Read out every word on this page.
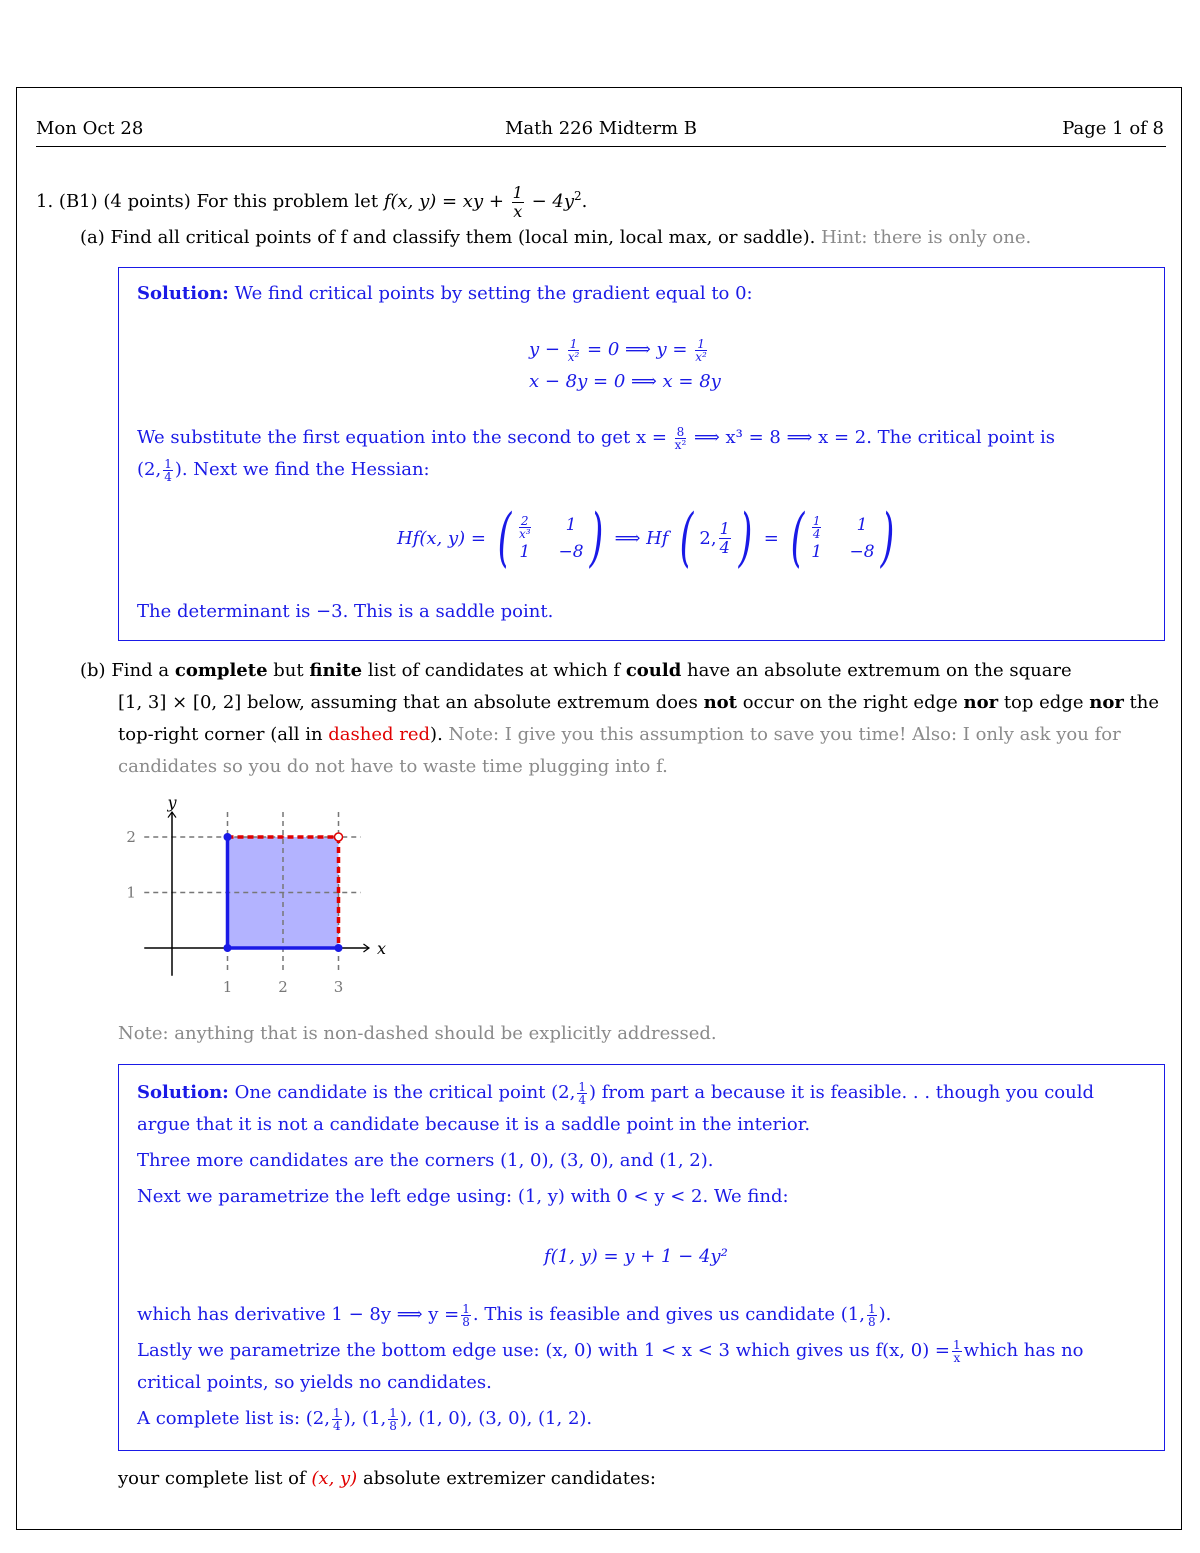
Mon Oct 28	Math 226 Midterm B	Page 1 of 8
1. (B1) (4 points) For this problem let f(x, y) = xy + $\frac{1}{x} - 4y^2$.
(a) Find all critical points of f and classify them (local min, local max, or saddle). Hint: there is only one.
Solution: We find critical points by setting the gradient equal to 0:
$y - \frac{1}{\text{x²}} = 0$ ⟹ $y = \frac{1}{\text{x²}}$
x − 8y = 0 ⟹ x = 8y
We substitute the first equation into the second to get $x = \frac{8}{\text{x²}}$ ⟹ x³ = 8 ⟹ x = 2. The critical point is
(2, $\frac{1}{4}$ ). Next we find the Hessian:
Hf(x, y) = ( $\frac{2}{\text{x³}}$	1
1 −8 ) ⟹ Hf ( 2, $\frac{1}{4}$ ) = ( $\frac{1}{4}$	1
1 −8 )
The determinant is −3. This is a saddle point.
(b) Find a complete but finite list of candidates at which f could have an absolute extremum on the square
[1, 3] × [0, 2] below, assuming that an absolute extremum does not occur on the right edge nor top edge nor the
top-right corner (all in dashed red). Note: I give you this assumption to save you time! Also: I only ask you for
candidates so you do not have to waste time plugging into f.
1	2	3
1
2
x
y
Note: anything that is non-dashed should be explicitly addressed.
Solution: One candidate is the critical point (2, $\frac{1}{4}$ ) from part a because it is feasible. . . though you could
argue that it is not a candidate because it is a saddle point in the interior.
Three more candidates are the corners (1, 0), (3, 0), and (1, 2).
Next we parametrize the left edge using: (1, y) with 0 < y < 2. We find:
f(1, y) = y + 1 − 4y²
which has derivative 1 − 8y ⟹ $y = \frac{1}{8}$ . This is feasible and gives us candidate (1, $\frac{1}{8}$ ).
Lastly we parametrize the bottom edge use: (x, 0) with 1 < x < 3 which gives us f(x, $0) = \frac{1}{x}$ which has no
critical points, so yields no candidates.
A complete list is: (2, $\frac{1}{4}$ ), (1, $\frac{1}{8}$ ), (1, 0), (3, 0), (1, 2).
your complete list of (x, y) absolute extremizer candidates:
